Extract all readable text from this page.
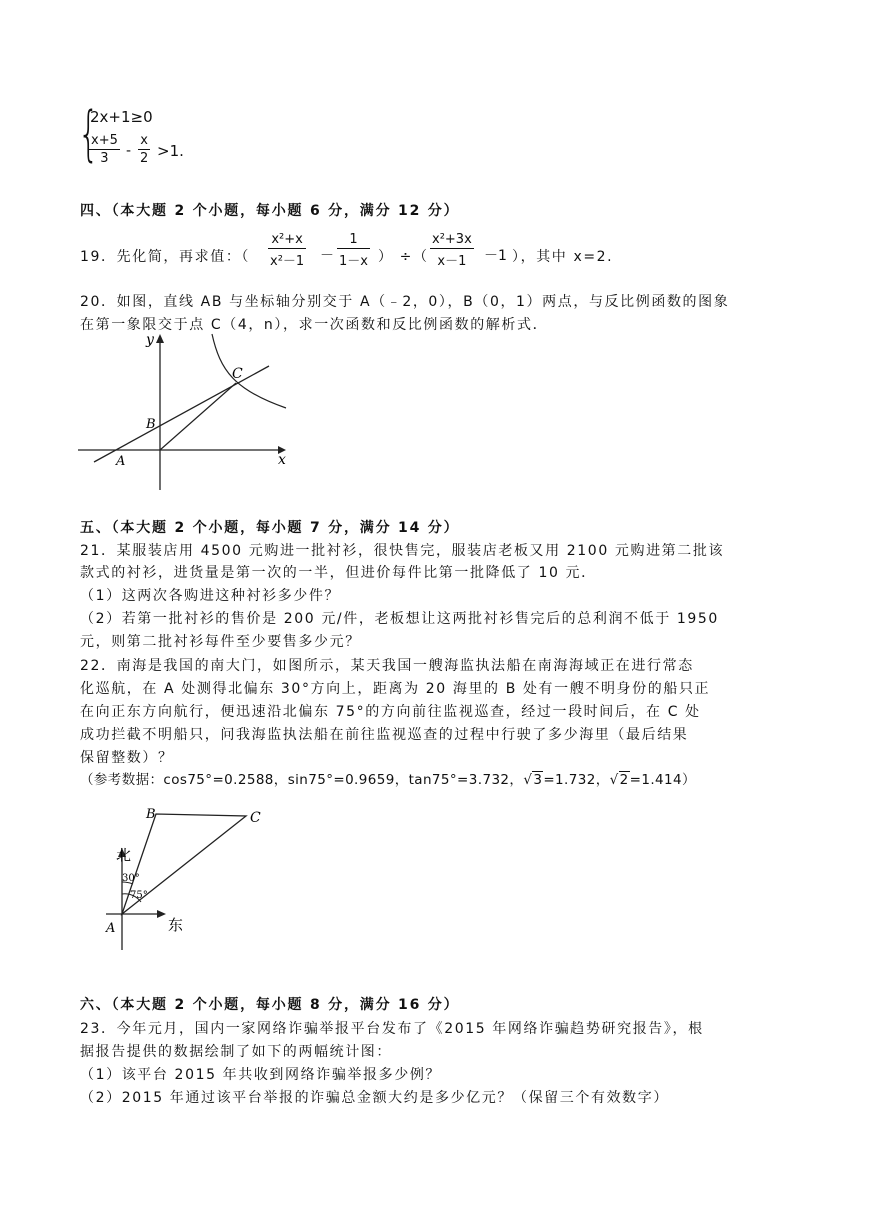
{
2x+1≥0
x+5
3	-
x
2 >1.
四、（本大题 2 个小题，每小题 6 分，满分 12 分）
19．先化简，再求值：（
x²+x
x²－1 －
1
1－x ） ÷（
x²+3x
x－1	－1 ），其中 x=2.
20．如图，直线 AB 与坐标轴分别交于 A（﹣2，0），B（0，1）两点，与反比例函数的图象
在第一象限交于点 C（4，n），求一次函数和反比例函数的解析式．
y
x
A
B
C
五、（本大题 2 个小题，每小题 7 分，满分 14 分）
21．某服装店用 4500 元购进一批衬衫，很快售完，服装店老板又用 2100 元购进第二批该
款式的衬衫，进货量是第一次的一半，但进价每件比第一批降低了 10 元．
（1）这两次各购进这种衬衫多少件？
（2）若第一批衬衫的售价是 200 元/件，老板想让这两批衬衫售完后的总利润不低于 1950
元，则第二批衬衫每件至少要售多少元？
22．南海是我国的南大门，如图所示，某天我国一艘海监执法船在南海海域正在进行常态
化巡航，在 A 处测得北偏东 30°方向上，距离为 20 海里的 B 处有一艘不明身份的船只正
在向正东方向航行，便迅速沿北偏东 75°的方向前往监视巡查，经过一段时间后，在 C 处
成功拦截不明船只，问我海监执法船在前往监视巡查的过程中行驶了多少海里（最后结果
保留整数）？
（参考数据：cos75°=0.2588，sin75°=0.9659，tan75°=3.732，√3=1.732，√2=1.414）
北
东
A
B	C
30°
75°
六、（本大题 2 个小题，每小题 8 分，满分 16 分）
23．今年元月，国内一家网络诈骗举报平台发布了《2015 年网络诈骗趋势研究报告》，根
据报告提供的数据绘制了如下的两幅统计图：
（1）该平台 2015 年共收到网络诈骗举报多少例？
（2）2015 年通过该平台举报的诈骗总金额大约是多少亿元？（保留三个有效数字）
